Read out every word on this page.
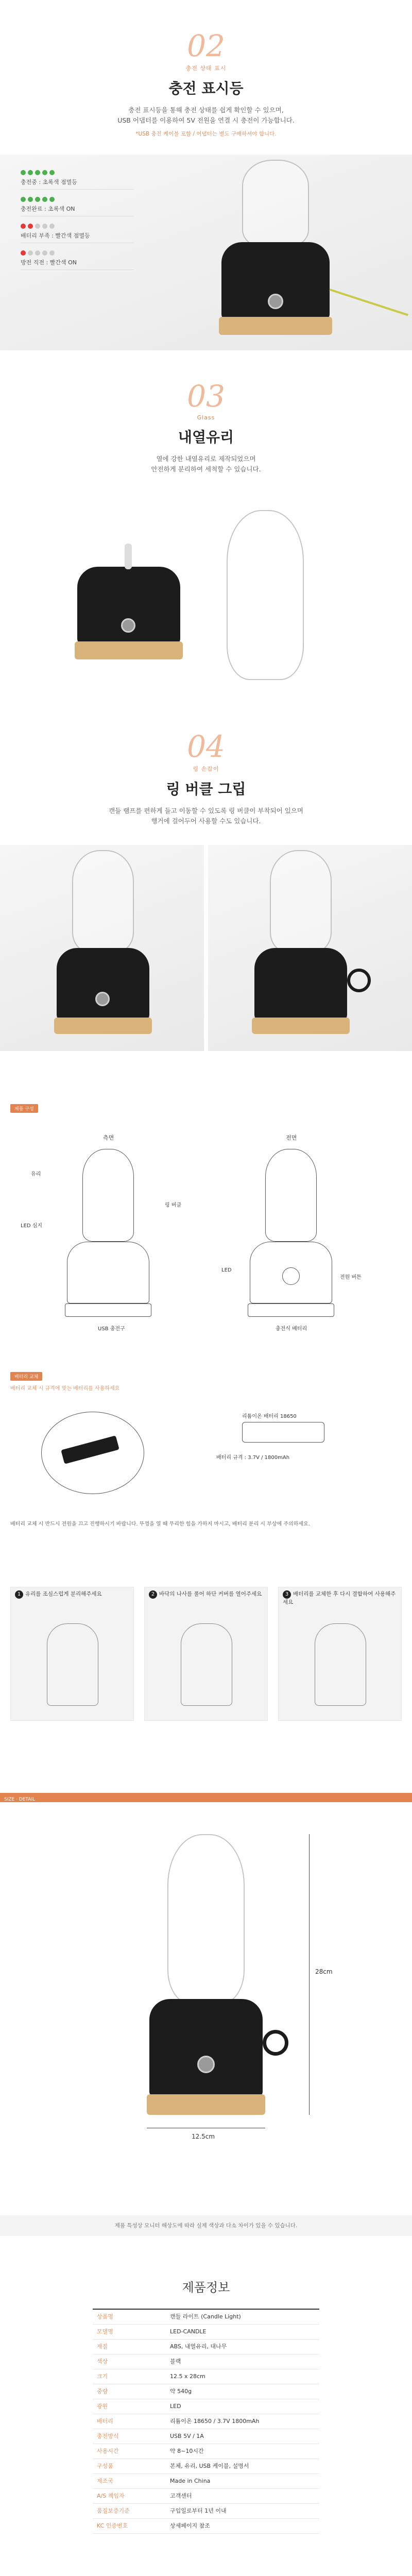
02
충전 상태 표시
충전 표시등
충전 표시등을 통해 충전 상태를 쉽게 확인할 수 있으며,
USB 어댑터를 이용하여 5V 전원을 연결 시 충전이 가능합니다.
*USB 충전 케이블 포함 / 어댑터는 별도 구매하셔야 합니다.
충전중 : 초록색 점멸등
충전완료 : 초록색 ON
배터리 부족 : 빨간색 점멸등
방전 직전 : 빨간색 ON
03
Glass
내열유리
열에 강한 내열유리로 제작되었으며
안전하게 분리하여 세척할 수 있습니다.
04
링 손잡이
링 버클 그립
캔들 램프를 편하게 들고 이동할 수 있도록 링 버클이 부착되어 있으며
행거에 걸어두어 사용할 수도 있습니다.
제품 구성
측면	전면
유리
LED 심지
링 버클
USB 충전구
LED
전원 버튼
충전식 배터리
배터리 교체
배터리 교체 시 규격에 맞는 배터리를 사용하세요
리튬이온 배터리 18650
배터리 규격 : 3.7V / 1800mAh
배터리 교체 시 반드시 전원을 끄고 진행하시기 바랍니다. 뚜껑을 열 때 무리한 힘을 가하지 마시고, 배터리 분리 시 부상에 주의하세요.
1 유리를 조심스럽게 분리해주세요	2 바닥의 나사를 풀어 하단 커버를 열어주세요	3 배터리를 교체한 후 다시 결합하여 사용해주세요
SIZE · DETAIL
28cm
12.5cm
제품 특성상 모니터 해상도에 따라 실제 색상과 다소 차이가 있을 수 있습니다.
제품정보
상품명	캔들 라이트 (Candle Light)
모델명	LED-CANDLE
재질	ABS, 내열유리, 대나무
색상	블랙
크기	12.5 x 28cm
중량	약 540g
광원	LED
배터리	리튬이온 18650 / 3.7V 1800mAh
충전방식	USB 5V / 1A
사용시간	약 8~10시간
구성품	본체, 유리, USB 케이블, 설명서
제조국	Made in China
A/S 책임자	고객센터
품질보증기준	구입일로부터 1년 이내
KC 인증번호	상세페이지 참조
